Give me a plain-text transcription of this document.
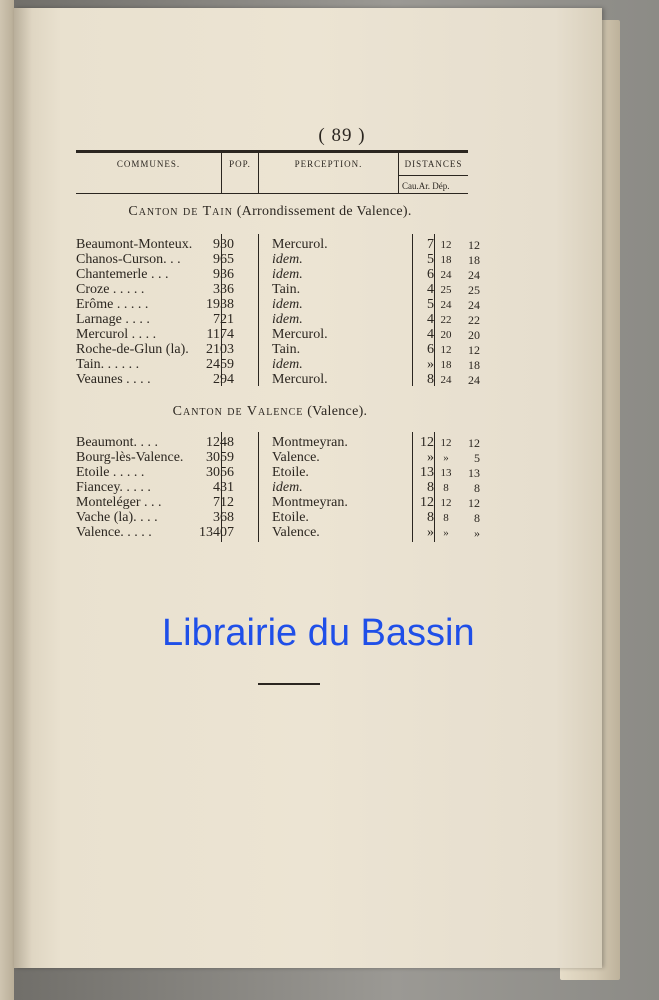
( 89 )
COMMUNES.	POP.	PERCEPTION.	DISTANCES
Cau.Ar. Dép.
Canton de Tain (Arrondissement de Valence).
Beaumont-Monteux. 930	Mercurol.	7 12	12
Chanos-Curson. . . 965	idem.	5 18	18
Chantemerle . . .	936	idem.	6 24	24
Croze . . . . .	336	Tain.	4 25	25
Erôme . . . . .	1938	idem.	5 24	24
Larnage . . . .	721	idem.	4 22	22
Mercurol . . . .	1174	Mercurol.	4 20	20
Roche-de-Glun (la). 2103	Tain.	6 12	12
Tain. . . . . .	2459	idem.	» 18	18
Veaunes . . . .	294	Mercurol.	8 24	24
Canton de Valence (Valence).
Beaumont. . . .	1248	Montmeyran.	12 12	12
Bourg-lès-Valence. 3059	Valence.	» »	5
Etoile . . . . .	3056	Etoile.	13 13	13
Fiancey. . . . .	431	idem.	8 8	8
Monteléger . . .	712	Montmeyran.	12 12	12
Vache (la). . . .	368	Etoile.	8 8	8
Valence. . . . .	13407	Valence.	» »	»
Librairie du Bassin
